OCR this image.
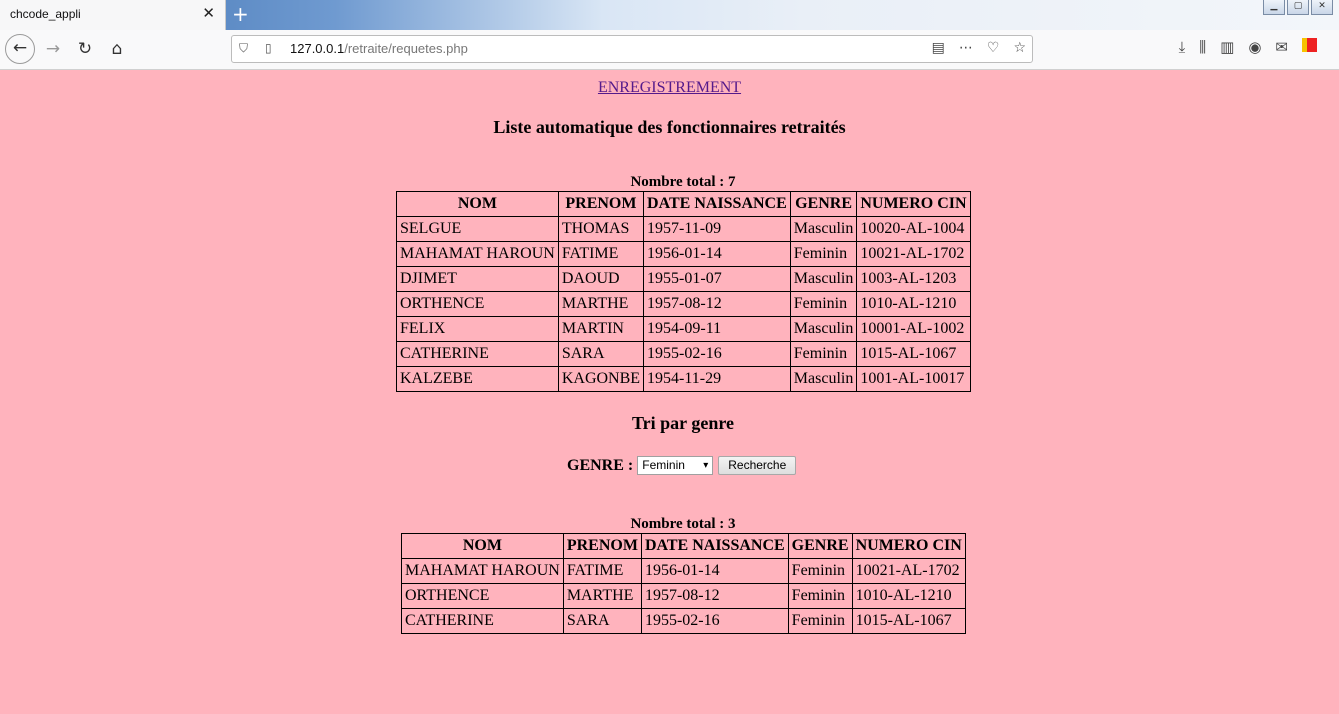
chcode_appli	✕ +	▁	▢	✕
←	→	↻	⌂	⛉ ▯ 127.0.0.1/retraite/requetes.php	▤ ⋯ ♡ ☆	⤓ ⫼ ▥ ◉ ✉
ENREGISTREMENT
Liste automatique des fonctionnaires retraités
Nombre total : 7
NOM	PRENOM	DATE NAISSANCE	GENRE	NUMERO CIN
SELGUE	THOMAS	1957-11-09	Masculin	10020-AL-1004
MAHAMAT HAROUN	FATIME	1956-01-14	Feminin	10021-AL-1702
DJIMET	DAOUD	1955-01-07	Masculin	1003-AL-1203
ORTHENCE	MARTHE	1957-08-12	Feminin	1010-AL-1210
FELIX	MARTIN	1954-09-11	Masculin	10001-AL-1002
CATHERINE	SARA	1955-02-16	Feminin	1015-AL-1067
KALZEBE	KAGONBE	1954-11-29	Masculin	1001-AL-10017
Tri par genre
GENRE : Feminin ▾	Recherche
Nombre total : 3
NOM	PRENOM	DATE NAISSANCE	GENRE	NUMERO CIN
MAHAMAT HAROUN	FATIME	1956-01-14	Feminin	10021-AL-1702
ORTHENCE	MARTHE	1957-08-12	Feminin	1010-AL-1210
CATHERINE	SARA	1955-02-16	Feminin	1015-AL-1067
